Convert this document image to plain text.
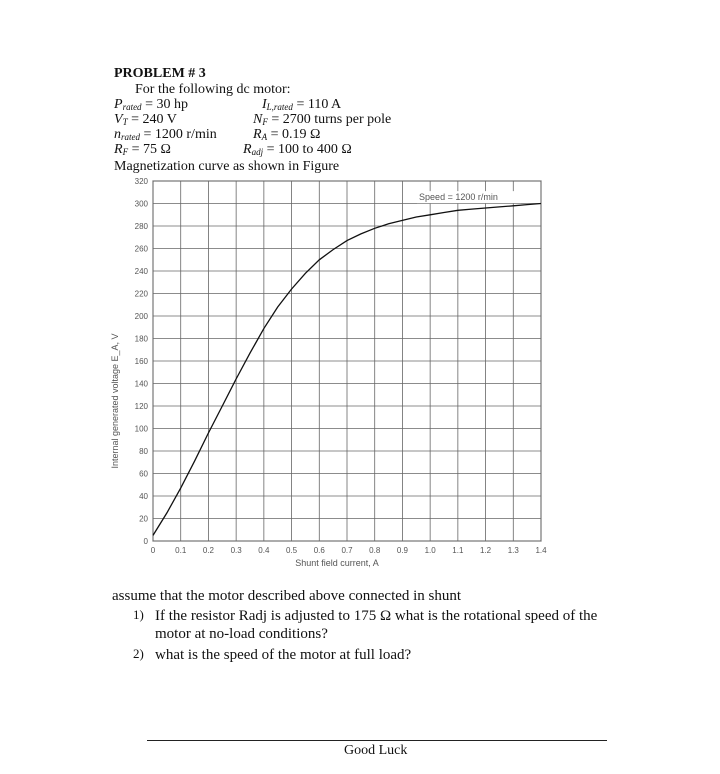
PROBLEM # 3
For the following dc motor:
$P_{rated} = 30$ hp
$V_T = 240$ V
$n_{rated} = 1200$ r/min
$R_F = 75$ Ω
$I_{L,rated} = 110$ A
$N_F = 2700$ turns per pole
$R_A = 0.19$ Ω
$R_{adj} = 100$ to 400 Ω
Magnetization curve as shown in Figure
0 0.1 0.2 0.3 0.4 0.5 0.6 0.7 0.8 0.9 1.0 1.1 1.2 1.3 1.4
0
20
40
60
80
100
120
140
160
180
200
220
240
260
280
300
320
Speed = 1200 r/min
Shunt field current, A
Internal generated voltage E_A, V
assume that the motor described above connected in shunt
1) If the resistor Radj is adjusted to 175 Ω what is the rotational speed of the motor at no-load conditions?
2) what is the speed of the motor at full load?
Good Luck
